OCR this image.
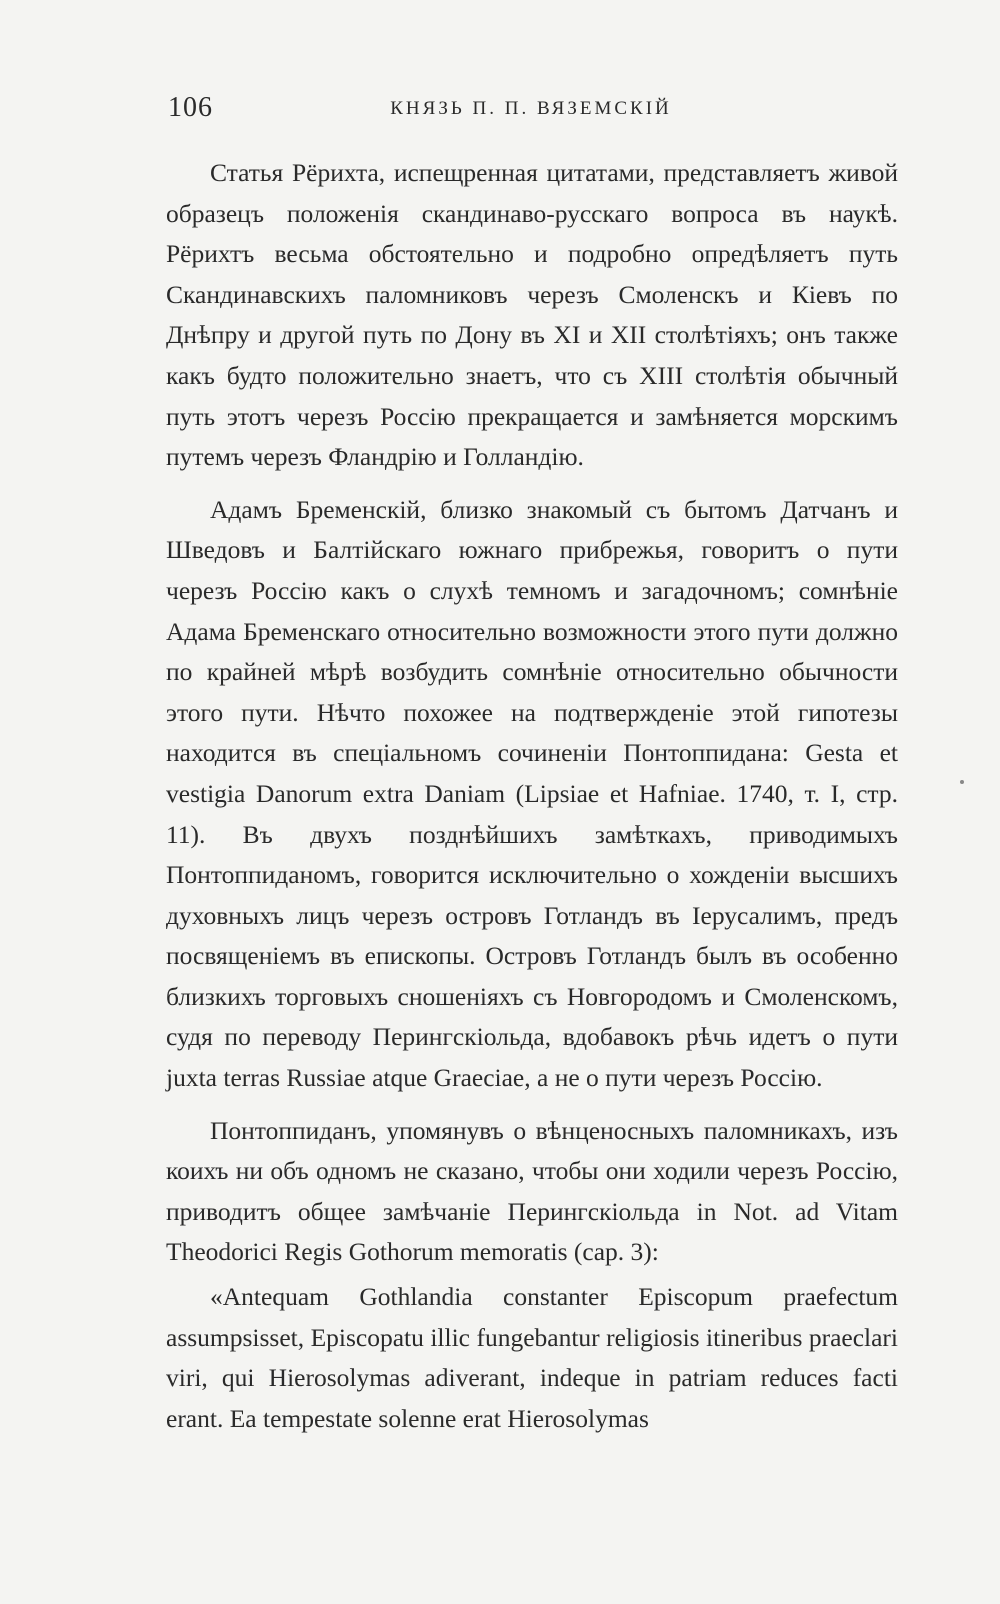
106	КНЯЗЬ П. П. ВЯЗЕМСКІЙ

Статья Рёрихта, испещренная цитатами, представляетъ живой образецъ положенія скандинаво-русскаго вопроса въ наукѣ. Рёрихтъ весьма обстоятельно и подробно опредѣляетъ путь Скандинавскихъ паломниковъ черезъ Смоленскъ и Кіевъ по Днѣпру и другой путь по Дону въ XI и XII столѣтіяхъ; онъ также какъ будто положительно знаетъ, что съ XIII столѣтія обычный путь этотъ черезъ Россію прекращается и замѣняется морскимъ путемъ черезъ Фландрію и Голландію.

Адамъ Бременскій, близко знакомый съ бытомъ Датчанъ и Шведовъ и Балтійскаго южнаго прибрежья, говоритъ о пути черезъ Россію какъ о слухѣ темномъ и загадочномъ; сомнѣніе Адама Бременскаго относительно возможности этого пути должно по крайней мѣрѣ возбудить сомнѣніе относительно обычности этого пути. Нѣчто похожее на подтвержденіе этой гипотезы находится въ спеціальномъ сочиненіи Понтоппидана: Gesta et vestigia Danorum extra Daniam (Lipsiae et Hafniae. 1740, т. I, стр. 11). Въ двухъ позднѣйшихъ замѣткахъ, приводимыхъ Понтоппиданомъ, говорится исключительно о хожденіи высшихъ духовныхъ лицъ черезъ островъ Готландъ въ Іерусалимъ, предъ посвященіемъ въ епископы. Островъ Готландъ былъ въ особенно близкихъ торговыхъ сношеніяхъ съ Новгородомъ и Смоленскомъ, судя по переводу Перингскіольда, вдобавокъ рѣчь идетъ о пути juxta terras Russiae atque Graeciae, а не о пути черезъ Россію.

Понтоппиданъ, упомянувъ о вѣнценосныхъ паломникахъ, изъ коихъ ни объ одномъ не сказано, чтобы они ходили черезъ Россію, приводитъ общее замѣчаніе Перингскіольда in Not. ad Vitam Theodorici Regis Gothorum memoratis (cap. 3):

«Antequam Gothlandia constanter Episcopum praefectum assumpsisset, Episcopatu illic fungebantur religiosis itineribus praeclari viri, qui Hierosolymas adiverant, indeque in patriam reduces facti erant. Ea tempestate solenne erat Hierosolymas
